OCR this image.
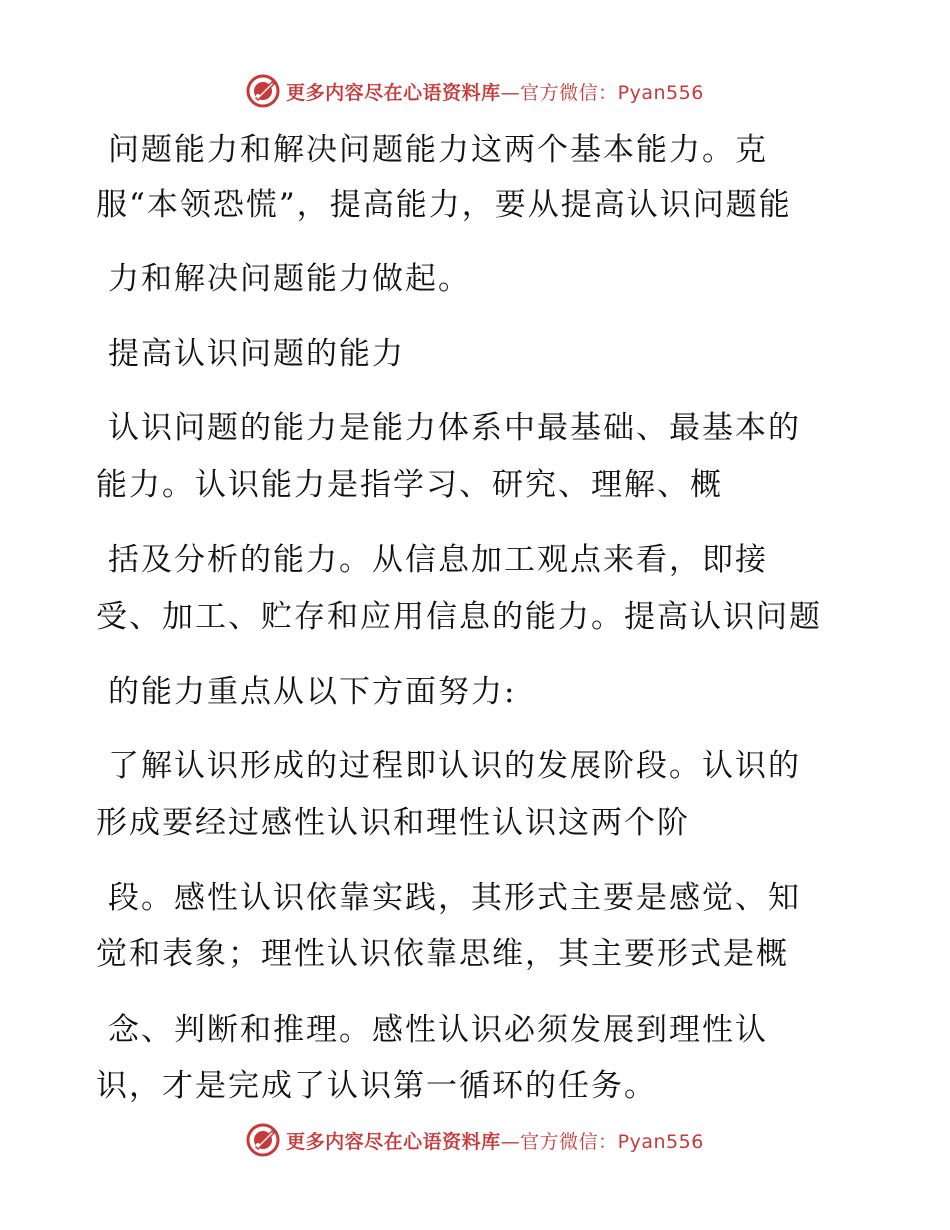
更多内容尽在心语资料库—官方微信：Pyan556
问题能力和解决问题能力这两个基本能力。克
服“本领恐慌”，提高能力，要从提高认识问题能
力和解决问题能力做起。
提高认识问题的能力
认识问题的能力是能力体系中最基础、最基本的
能力。认识能力是指学习、研究、理解、概
括及分析的能力。从信息加工观点来看，即接
受、加工、贮存和应用信息的能力。提高认识问题
的能力重点从以下方面努力:
了解认识形成的过程即认识的发展阶段。认识的
形成要经过感性认识和理性认识这两个阶
段。感性认识依靠实践，其形式主要是感觉、知
觉和表象；理性认识依靠思维，其主要形式是概
念、判断和推理。感性认识必须发展到理性认
识，才是完成了认识第一循环的任务。
更多内容尽在心语资料库—官方微信：Pyan556
